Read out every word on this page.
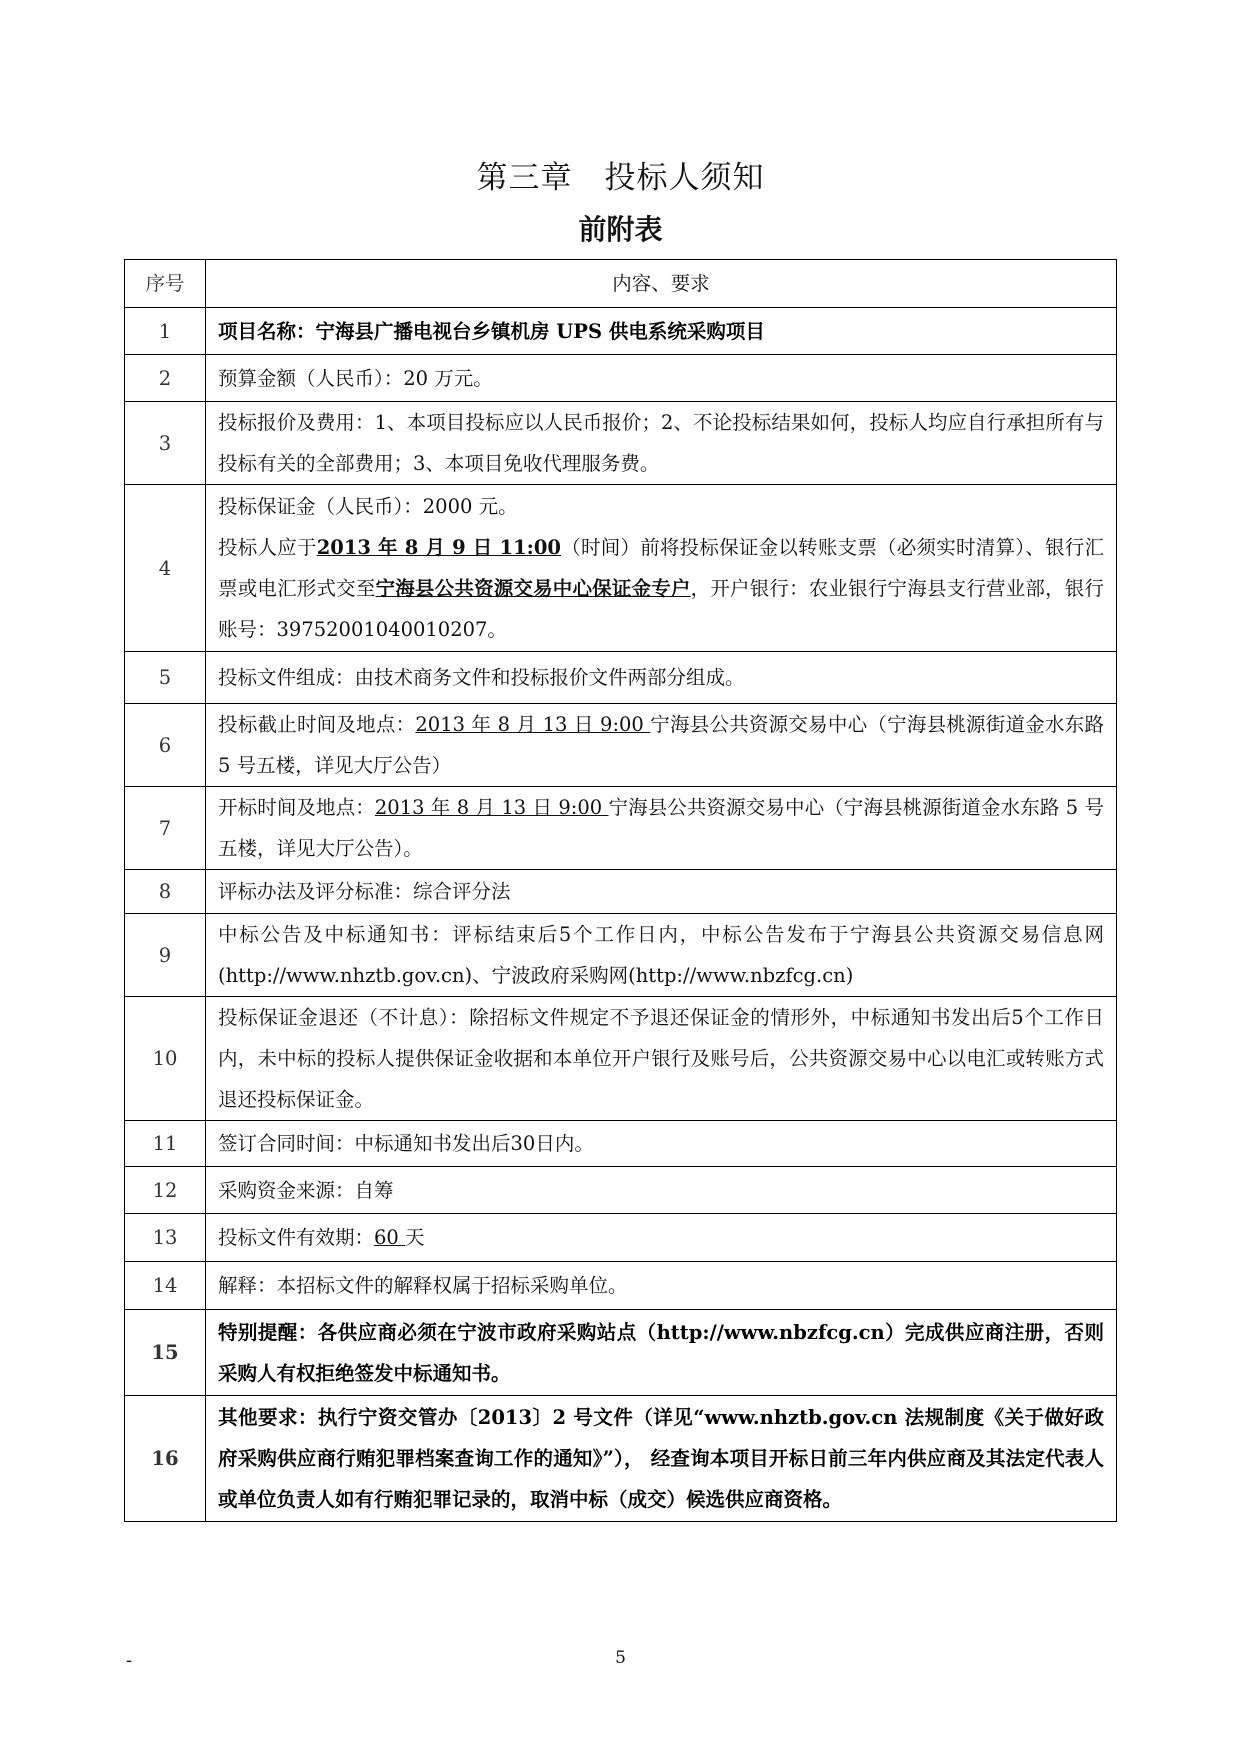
第三章　投标人须知
前附表
序号	内容、要求
1	项目名称：宁海县广播电视台乡镇机房 UPS 供电系统采购项目
2	预算金额（人民币）：20 万元。
3	投标报价及费用：1、本项目投标应以人民币报价；2、不论投标结果如何，投标人均应自行承担所有与投标有关的全部费用；3、本项目免收代理服务费。
4	投标保证金（人民币）：2000 元。
投标人应于2013 年 8 月 9 日 11:00（时间）前将投标保证金以转账支票（必须实时清算）、银行汇票或电汇形式交至宁海县公共资源交易中心保证金专户，开户银行：农业银行宁海县支行营业部，银行账号：39752001040010207。
5	投标文件组成：由技术商务文件和投标报价文件两部分组成。
6	投标截止时间及地点：2013 年 8 月 13 日 9:00 宁海县公共资源交易中心（宁海县桃源街道金水东路 5 号五楼，详见大厅公告）
7	开标时间及地点：2013 年 8 月 13 日 9:00 宁海县公共资源交易中心（宁海县桃源街道金水东路 5 号五楼，详见大厅公告）。
8	评标办法及评分标准：综合评分法
9	中标公告及中标通知书：评标结束后5个工作日内，中标公告发布于宁海县公共资源交易信息网(http://www.nhztb.gov.cn)、宁波政府采购网(http://www.nbzfcg.cn)
10	投标保证金退还（不计息）：除招标文件规定不予退还保证金的情形外，中标通知书发出后5个工作日内，未中标的投标人提供保证金收据和本单位开户银行及账号后，公共资源交易中心以电汇或转账方式退还投标保证金。
11	签订合同时间：中标通知书发出后30日内。
12	采购资金来源：自筹
13	投标文件有效期：60 天
14	解释：本招标文件的解释权属于招标采购单位。
15	特别提醒：各供应商必须在宁波市政府采购站点（http://www.nbzfcg.cn）完成供应商注册，否则采购人有权拒绝签发中标通知书。
16	其他要求：执行宁资交管办〔2013〕2 号文件（详见“www.nhztb.gov.cn 法规制度《关于做好政府采购供应商行贿犯罪档案查询工作的通知》”）， 经查询本项目开标日前三年内供应商及其法定代表人或单位负责人如有行贿犯罪记录的，取消中标（成交）候选供应商资格。
-	5
